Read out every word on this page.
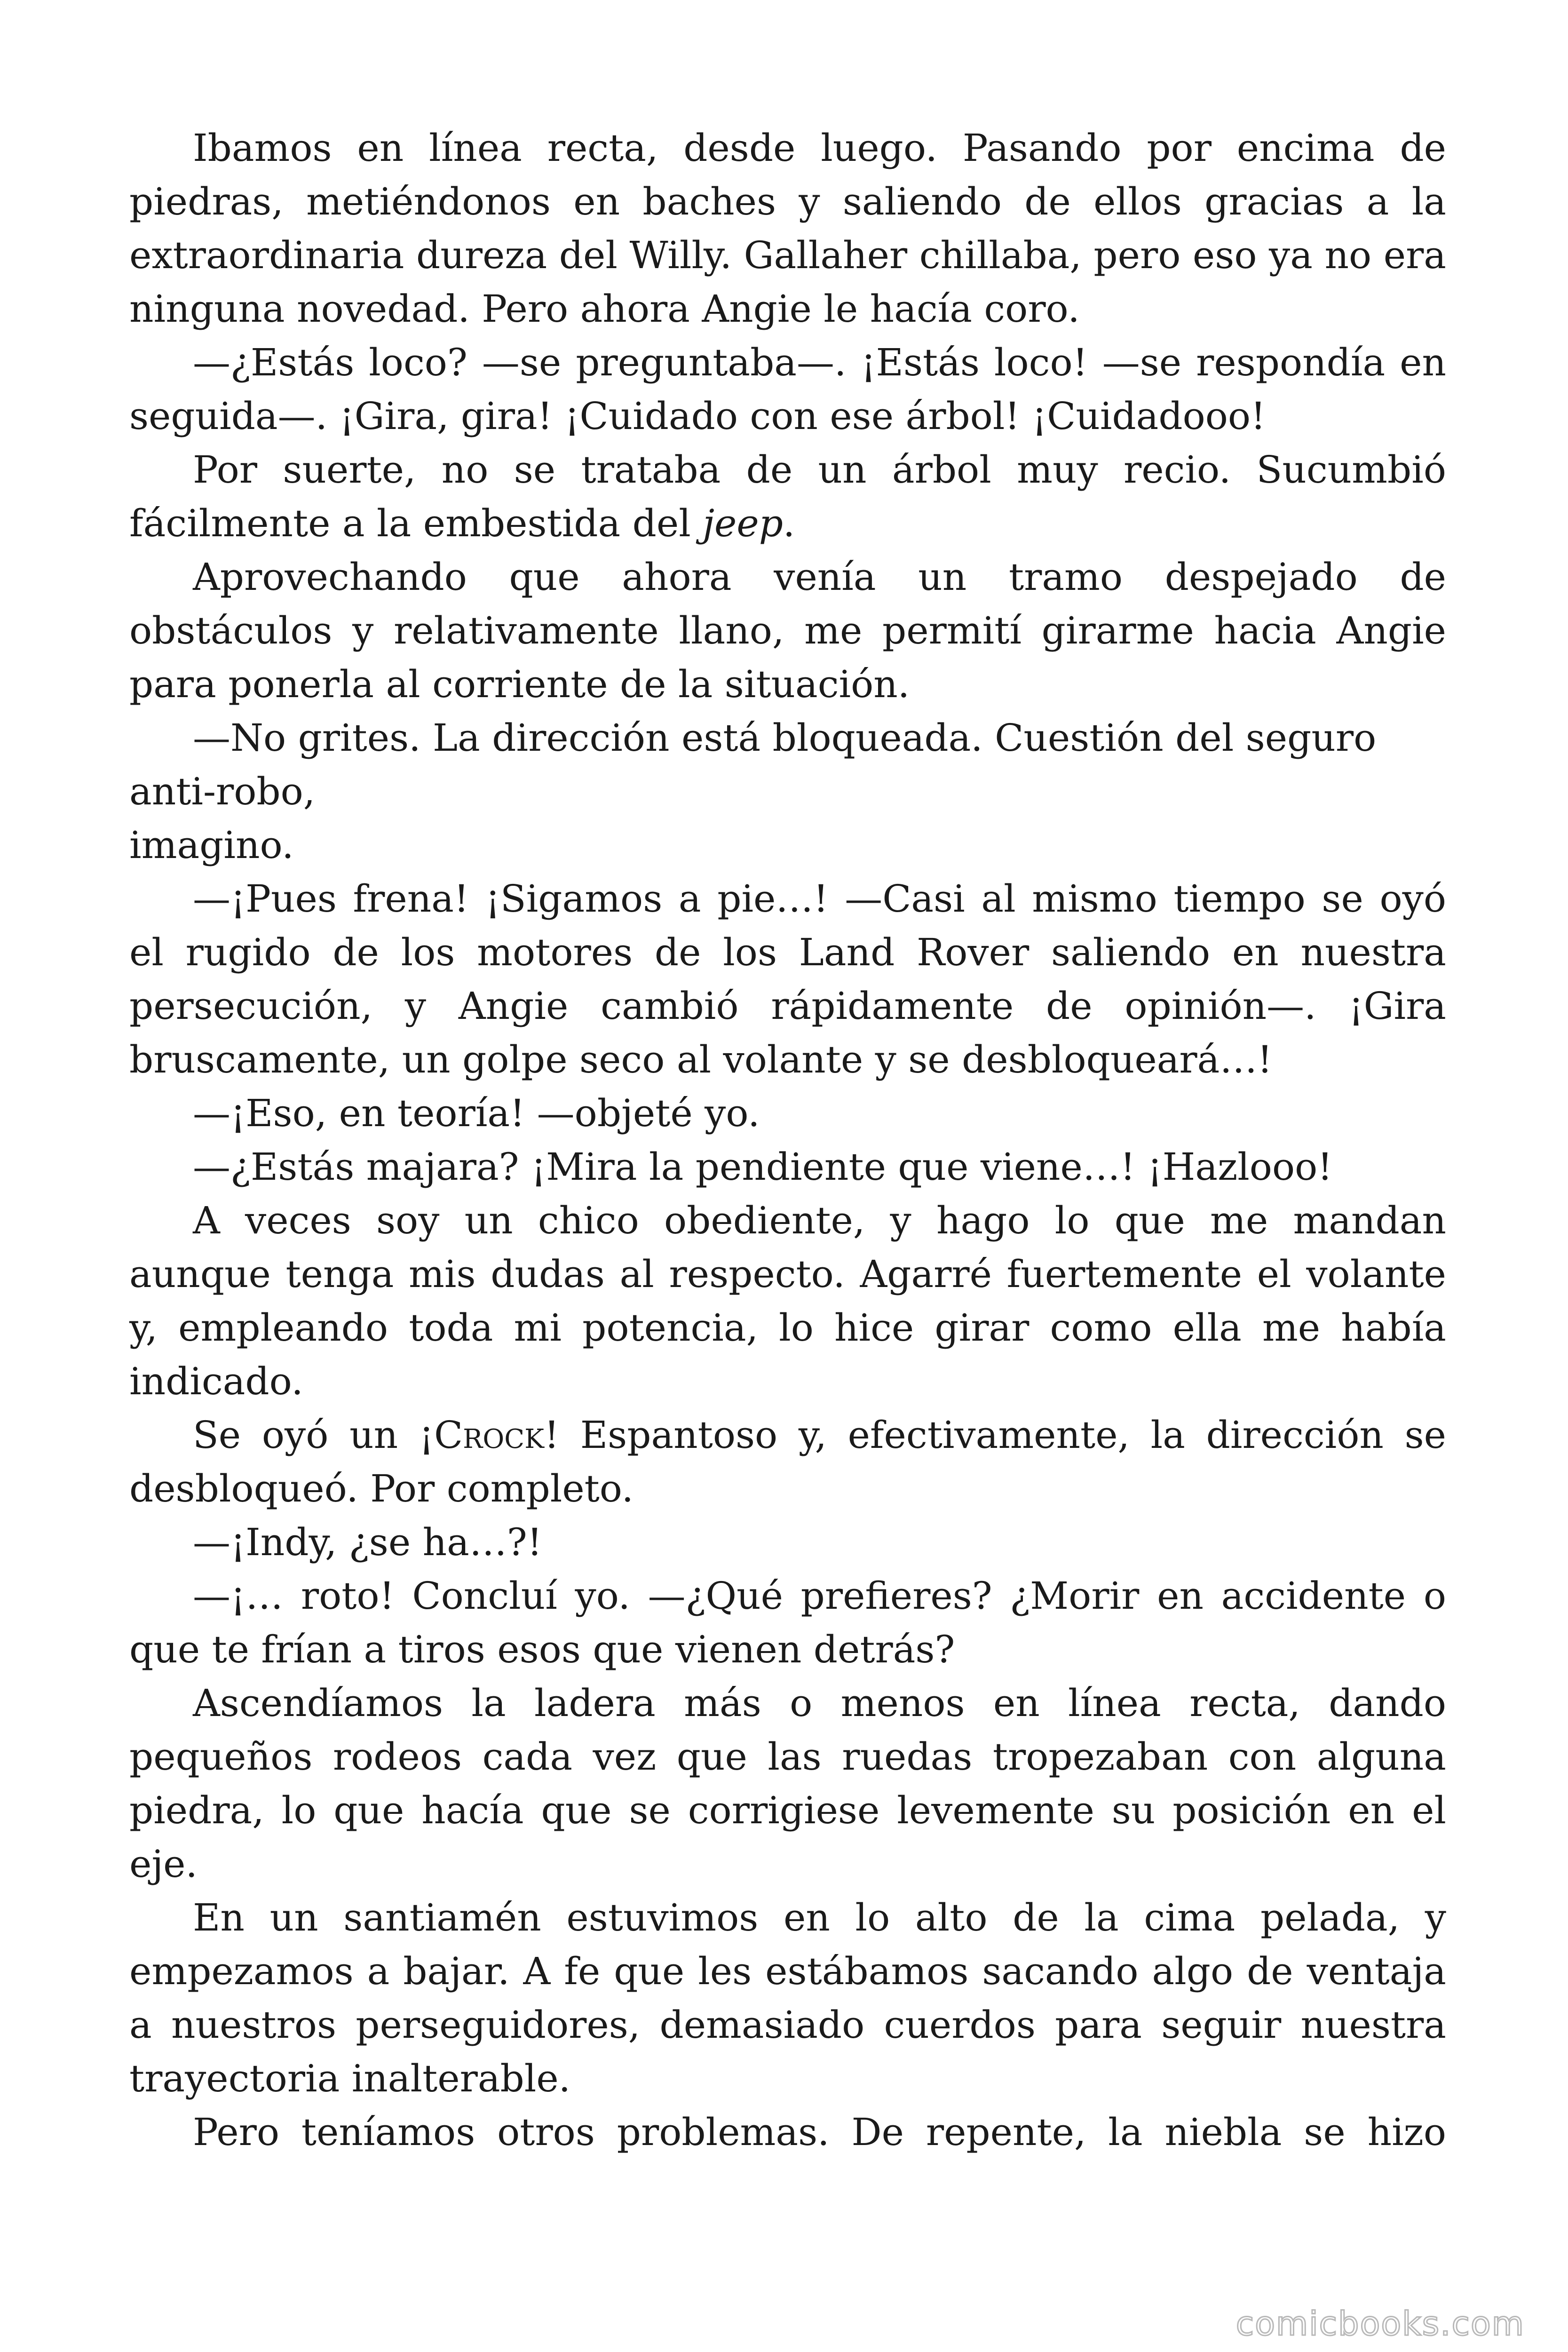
Ibamos en línea recta, desde luego. Pasando por encima de piedras, metiéndonos en baches y saliendo de ellos gracias a la extraordinaria dureza del Willy. Gallaher chillaba, pero eso ya no era ninguna novedad. Pero ahora Angie le hacía coro.

—¿Estás loco? —se preguntaba—. ¡Estás loco! —se respondía en seguida—. ¡Gira, gira! ¡Cuidado con ese árbol! ¡Cuidadooo!

Por suerte, no se trataba de un árbol muy recio. Sucumbió fácilmente a la embestida del jeep.

Aprovechando que ahora venía un tramo despejado de obstáculos y relativamente llano, me permití girarme hacia Angie para ponerla al corriente de la situación.

—No grites. La dirección está bloqueada. Cuestión del seguro

anti-robo,

imagino.

—¡Pues frena! ¡Sigamos a pie…! —Casi al mismo tiempo se oyó el rugido de los motores de los Land Rover saliendo en nuestra persecución, y Angie cambió rápidamente de opinión—. ¡Gira bruscamente, un golpe seco al volante y se desbloqueará…!

—¡Eso, en teoría! —objeté yo.

—¿Estás majara? ¡Mira la pendiente que viene…! ¡Hazlooo!

A veces soy un chico obediente, y hago lo que me mandan aunque tenga mis dudas al respecto. Agarré fuertemente el volante y, empleando toda mi potencia, lo hice girar como ella me había indicado.

Se oyó un ¡Crock! Espantoso y, efectivamente, la dirección se desbloqueó. Por completo.

—¡Indy, ¿se ha…?!

—¡… roto! Concluí yo. —¿Qué prefieres? ¿Morir en accidente o que te frían a tiros esos que vienen detrás?

Ascendíamos la ladera más o menos en línea recta, dando pequeños rodeos cada vez que las ruedas tropezaban con alguna piedra, lo que hacía que se corrigiese levemente su posición en el eje.

En un santiamén estuvimos en lo alto de la cima pelada, y empezamos a bajar. A fe que les estábamos sacando algo de ventaja a nuestros perseguidores, demasiado cuerdos para seguir nuestra trayectoria inalterable.

Pero teníamos otros problemas. De repente, la niebla se hizo

comicbooks.com
